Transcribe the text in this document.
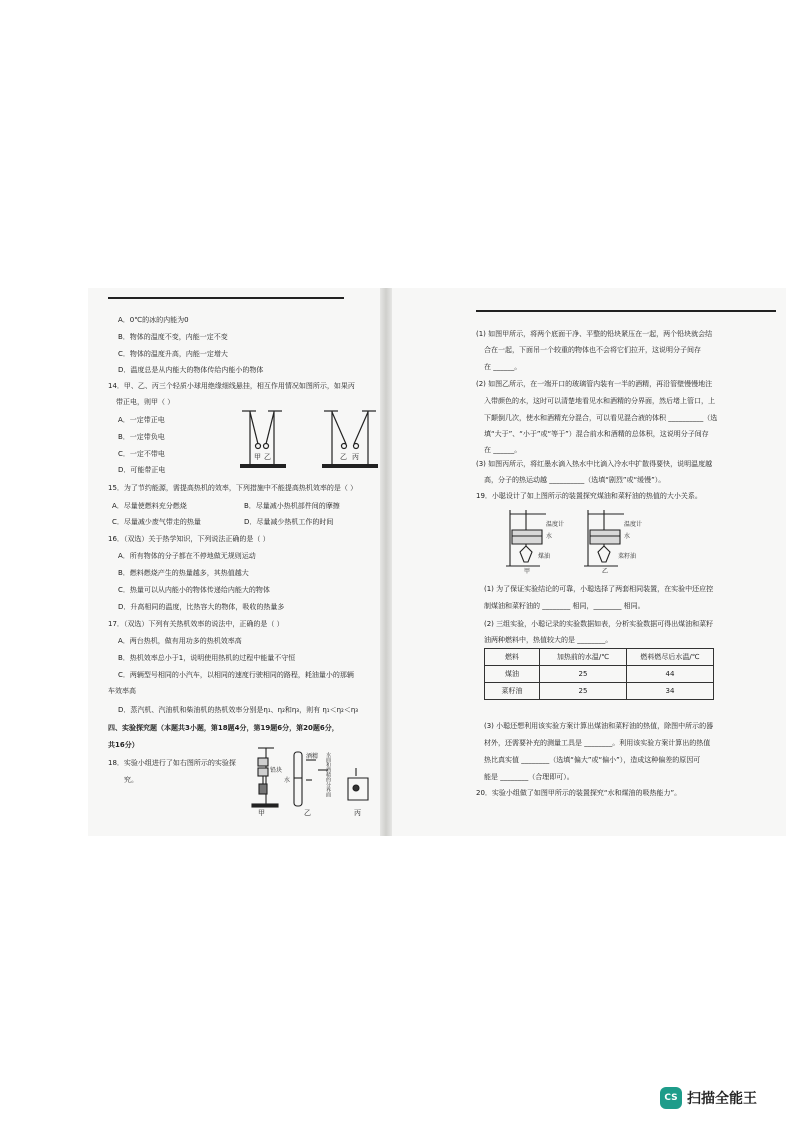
A．0℃的冰的内能为0
B．物体的温度不变，内能一定不变
C．物体的温度升高，内能一定增大
D．温度总是从内能大的物体传给内能小的物体
14．甲、乙、丙三个轻质小球用绝缘细线悬挂，相互作用情况如图所示，如果丙
带正电，则甲（ ）
A．一定带正电
B．一定带负电
C．一定不带电
D．可能带正电
甲 乙	乙 丙
15．为了节约能源，需提高热机的效率，下列措施中不能提高热机效率的是（ ）
A．尽量使燃料充分燃烧	B．尽量减小热机部件间的摩擦
C．尽量减少废气带走的热量	D．尽量减少热机工作的时间
16．（双选）关于热学知识，下列说法正确的是（ ）
A．所有物体的分子都在不停地做无规则运动
B．燃料燃烧产生的热量越多，其热值越大
C．热量可以从内能小的物体传递给内能大的物体
D．升高相同的温度，比热容大的物体，吸收的热量多
17．（双选）下列有关热机效率的说法中，正确的是（ ）
A．两台热机，做有用功多的热机效率高
B．热机效率总小于1，说明使用热机的过程中能量不守恒
C．两辆型号相同的小汽车，以相同的速度行驶相同的路程，耗油量小的那辆
车效率高
D．蒸汽机、汽油机和柴油机的热机效率分别是η₁、η₂和η₃，则有 η₁＜η₂＜η₃
四、实验探究题（本题共3小题，第18题4分，第19题6分，第20题6分，
共16分）
18．实验小组进行了如右图所示的实验探
究。
铅块
甲
酒精
水	水面和酒精的分界面
乙	丙
(1) 如图甲所示，将两个底面干净、平整的铅块紧压在一起，两个铅块就会结
合在一起，下面吊一个较重的物体也不会将它们拉开，这说明分子间存
在 ______。
(2) 如图乙所示，在一端开口的玻璃管内装有一半的酒精，再沿管壁慢慢地注
入带颜色的水，这时可以清楚地看见水和酒精的分界面，然后堵上管口，上
下颠倒几次，使水和酒精充分混合，可以看见混合液的体积 __________（选
填“大于”、“小于”或“等于”）混合前水和酒精的总体积，这说明分子间存
在 ______。
(3) 如图丙所示，将红墨水滴入热水中比滴入冷水中扩散得要快，说明温度越
高，分子的热运动越 __________（选填“剧烈”或“缓慢”）。
19．小聪设计了如上图所示的装置探究煤油和菜籽油的热值的大小关系。
温度计
水
煤油
甲
温度计
水
菜籽油
乙
(1) 为了保证实验结论的可靠，小聪选择了两套相同装置，在实验中还应控
制煤油和菜籽油的 ________ 相同，________ 相同。
(2) 三组实验，小聪记录的实验数据如表，分析实验数据可得出煤油和菜籽
油两种燃料中，热值较大的是 ________。
燃料	加热前的水温/℃	燃料燃尽后水温/℃
煤油	25	44
菜籽油	25	34
(3) 小聪还想利用该实验方案计算出煤油和菜籽油的热值，除图中所示的器
材外，还需要补充的测量工具是 ________。利用该实验方案计算出的热值
热比真实值 ________（选填“偏大”或“偏小”），造成这种偏差的原因可
能是 ________（合理即可）。
20．实验小组做了如图甲所示的装置探究“水和煤油的吸热能力”。
CS 扫描全能王
